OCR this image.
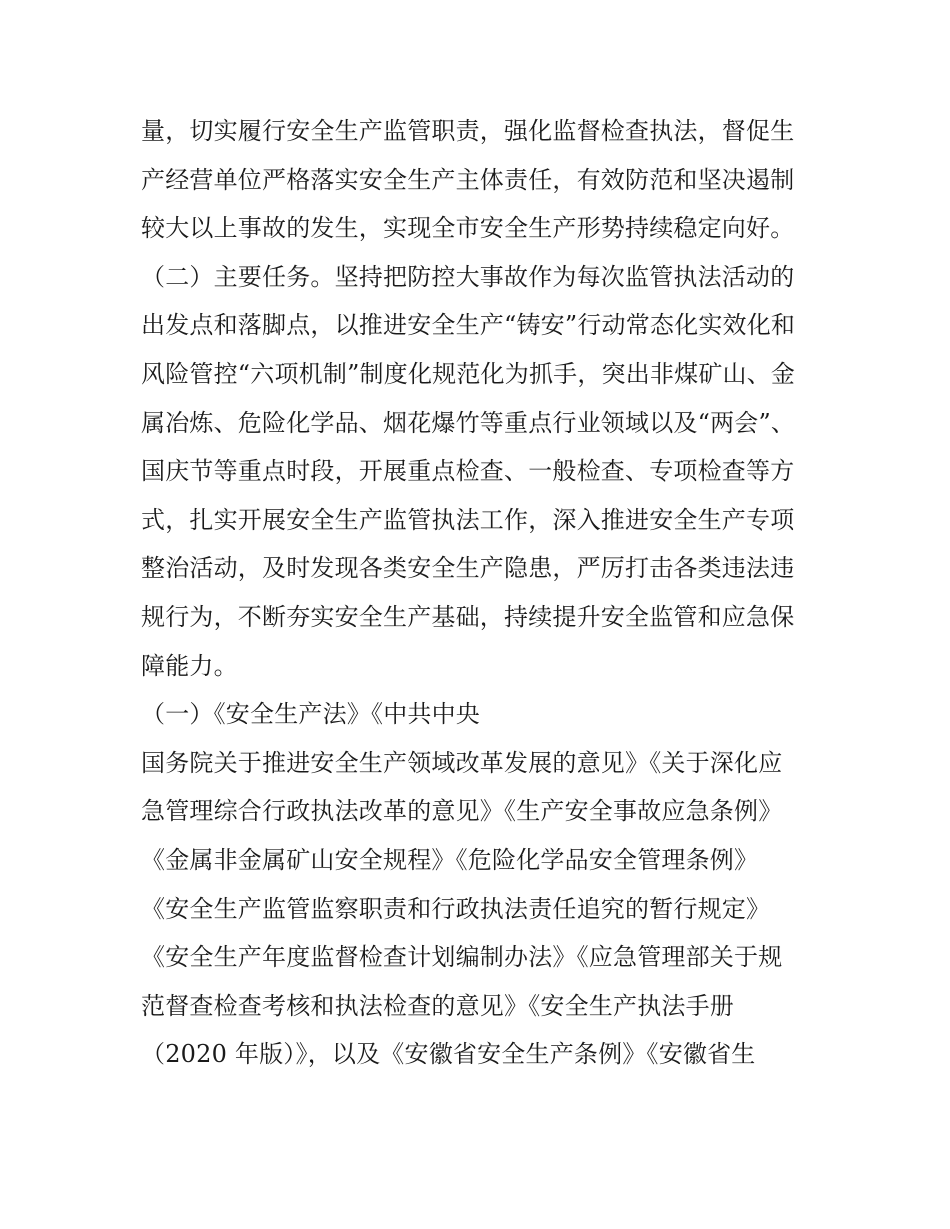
量，切实履行安全生产监管职责，强化监督检查执法，督促生
产经营单位严格落实安全生产主体责任，有效防范和坚决遏制
较大以上事故的发生，实现全市安全生产形势持续稳定向好。
（二）主要任务。坚持把防控大事故作为每次监管执法活动的
出发点和落脚点，以推进安全生产“铸安”行动常态化实效化和
风险管控“六项机制”制度化规范化为抓手，突出非煤矿山、金
属冶炼、危险化学品、烟花爆竹等重点行业领域以及“两会”、
国庆节等重点时段，开展重点检查、一般检查、专项检查等方
式，扎实开展安全生产监管执法工作，深入推进安全生产专项
整治活动，及时发现各类安全生产隐患，严厉打击各类违法违
规行为，不断夯实安全生产基础，持续提升安全监管和应急保
障能力。
（一）《安全生产法》《中共中央
国务院关于推进安全生产领域改革发展的意见》《关于深化应
急管理综合行政执法改革的意见》《生产安全事故应急条例》
《金属非金属矿山安全规程》《危险化学品安全管理条例》
《安全生产监管监察职责和行政执法责任追究的暂行规定》
《安全生产年度监督检查计划编制办法》《应急管理部关于规
范督查检查考核和执法检查的意见》《安全生产执法手册
（2020 年版）》，以及《安徽省安全生产条例》《安徽省生
